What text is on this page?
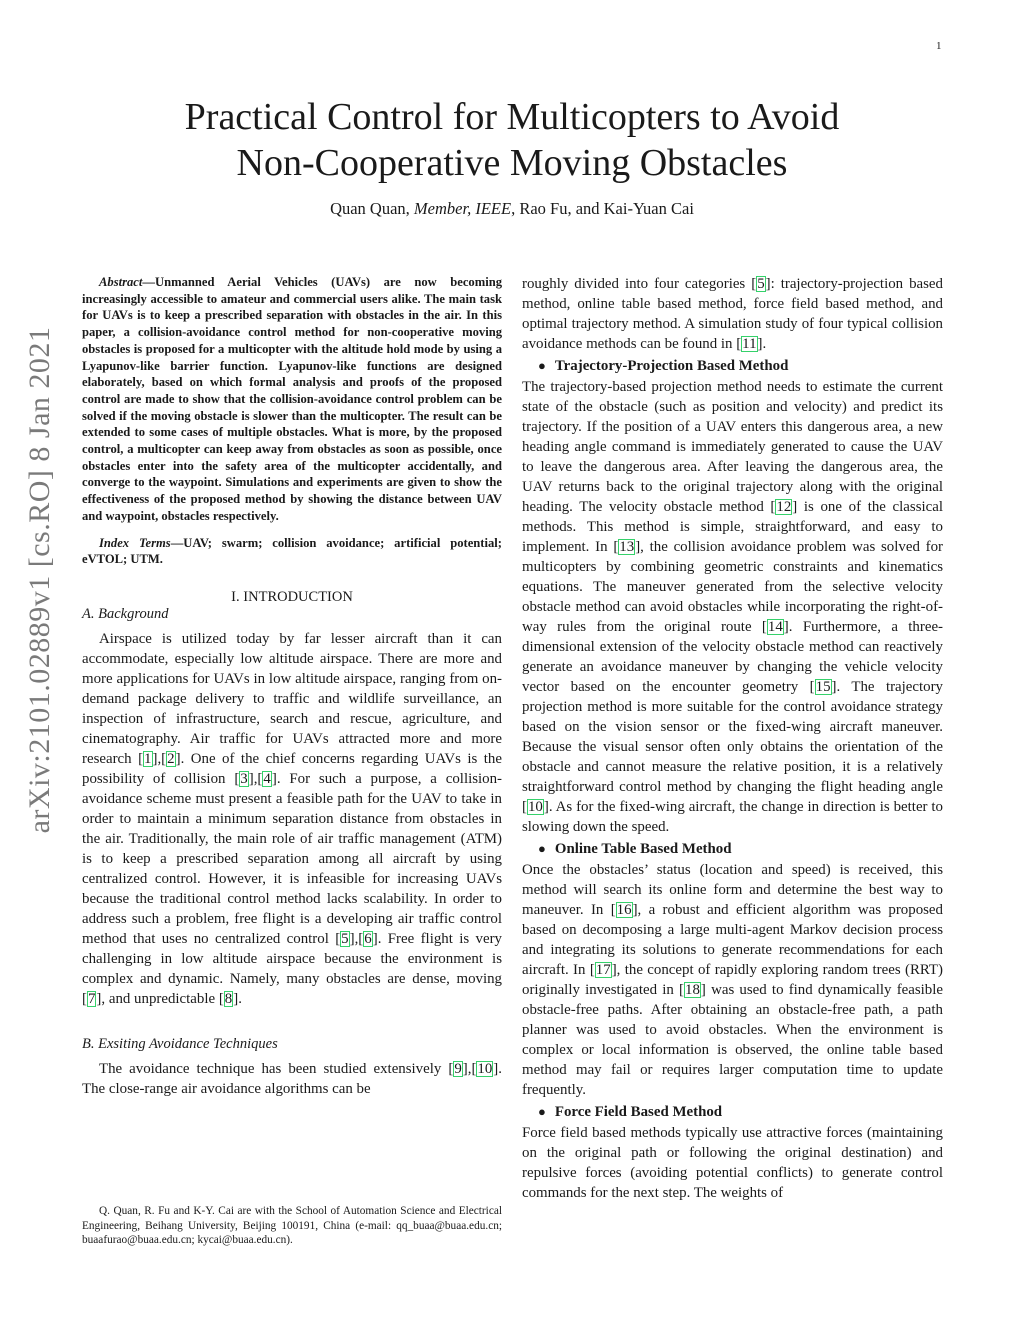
1
arXiv:2101.02889v1 [cs.RO] 8 Jan 2021
Practical Control for Multicopters to Avoid
Non-Cooperative Moving Obstacles
Quan Quan, Member, IEEE, Rao Fu, and Kai-Yuan Cai

Abstract—Unmanned Aerial Vehicles (UAVs) are now becoming increasingly accessible to amateur and commercial users alike. The main task for UAVs is to keep a prescribed separation with obstacles in the air. In this paper, a collision-avoidance control method for non-cooperative moving obstacles is proposed for a multicopter with the altitude hold mode by using a Lyapunov-like barrier function. Lyapunov-like functions are designed elaborately, based on which formal analysis and proofs of the proposed control are made to show that the collision-avoidance control problem can be solved if the moving obstacle is slower than the multicopter. The result can be extended to some cases of multiple obstacles. What is more, by the proposed control, a multicopter can keep away from obstacles as soon as possible, once obstacles enter into the safety area of the multicopter accidentally, and converge to the waypoint. Simulations and experiments are given to show the effectiveness of the proposed method by showing the distance between UAV and waypoint, obstacles respectively.

Index Terms—UAV; swarm; collision avoidance; artificial potential; eVTOL; UTM.

I. INTRODUCTION
A. Background

Airspace is utilized today by far lesser aircraft than it can accommodate, especially low altitude airspace. There are more and more applications for UAVs in low altitude airspace, ranging from on-demand package delivery to traffic and wildlife surveillance, an inspection of infrastructure, search and rescue, agriculture, and cinematography. Air traffic for UAVs attracted more and more research [1],[2]. One of the chief concerns regarding UAVs is the possibility of collision [3],[4]. For such a purpose, a collision-avoidance scheme must present a feasible path for the UAV to take in order to maintain a minimum separation distance from obstacles in the air. Traditionally, the main role of air traffic management (ATM) is to keep a prescribed separation among all aircraft by using centralized control. However, it is infeasible for increasing UAVs because the traditional control method lacks scalability. In order to address such a problem, free flight is a developing air traffic control method that uses no centralized control [5],[6]. Free flight is very challenging in low altitude airspace because the environment is complex and dynamic. Namely, many obstacles are dense, moving [7], and unpredictable [8].

B. Exsiting Avoidance Techniques

The avoidance technique has been studied extensively [9],[10]. The close-range air avoidance algorithms can be

Q. Quan, R. Fu and K-Y. Cai are with the School of Automation Science and Electrical Engineering, Beihang University, Beijing 100191, China (e-mail: qq_buaa@buaa.edu.cn; buaafurao@buaa.edu.cn; kycai@buaa.edu.cn).

roughly divided into four categories [5]: trajectory-projection based method, online table based method, force field based method, and optimal trajectory method. A simulation study of four typical collision avoidance methods can be found in [11].

● Trajectory-Projection Based Method

The trajectory-based projection method needs to estimate the current state of the obstacle (such as position and velocity) and predict its trajectory. If the position of a UAV enters this dangerous area, a new heading angle command is immediately generated to cause the UAV to leave the dangerous area. After leaving the dangerous area, the UAV returns back to the original trajectory along with the original heading. The velocity obstacle method [12] is one of the classical methods. This method is simple, straightforward, and easy to implement. In [13], the collision avoidance problem was solved for multicopters by combining geometric constraints and kinematics equations. The maneuver generated from the selective velocity obstacle method can avoid obstacles while incorporating the right-of-way rules from the original route [14]. Furthermore, a three-dimensional extension of the velocity obstacle method can reactively generate an avoidance maneuver by changing the vehicle velocity vector based on the encounter geometry [15]. The trajectory projection method is more suitable for the control avoidance strategy based on the vision sensor or the fixed-wing aircraft maneuver. Because the visual sensor often only obtains the orientation of the obstacle and cannot measure the relative position, it is a relatively straightforward control method by changing the flight heading angle [10]. As for the fixed-wing aircraft, the change in direction is better to slowing down the speed.

● Online Table Based Method

Once the obstacles’ status (location and speed) is received, this method will search its online form and determine the best way to maneuver. In [16], a robust and efficient algorithm was proposed based on decomposing a large multi-agent Markov decision process and integrating its solutions to generate recommendations for each aircraft. In [17], the concept of rapidly exploring random trees (RRT) originally investigated in [18] was used to find dynamically feasible obstacle-free paths. After obtaining an obstacle-free path, a path planner was used to avoid obstacles. When the environment is complex or local information is observed, the online table based method may fail or requires larger computation time to update frequently.

● Force Field Based Method

Force field based methods typically use attractive forces (maintaining on the original path or following the original destination) and repulsive forces (avoiding potential conflicts) to generate control commands for the next step. The weights of
